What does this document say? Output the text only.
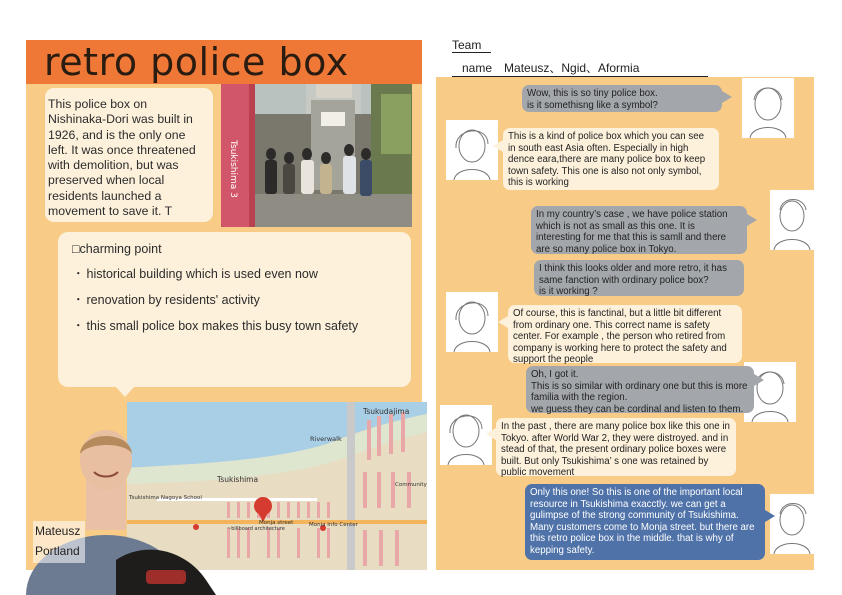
retro police box
This police box on Nishinaka-Dori was built in 1926, and is the only one left. It was once threatened with demolition, but was preserved when local residents launched a movement to save it. T
Tsukishima 3
□charming point
・ historical building which is used even now
・ renovation by residents' activity
・ this small police box makes this busy town safety
Tsukudajima
Riverwalk
Tsukishima
Tsukishima Nagoya School
Monja street
~billboard architecture
Monja Info Center
Community
Mateusz
Portland
Team
name　Mateusz、Ngid、Aformia
Wow, this is so tiny police box.
is it somethisng like a symbol?
This is a kind of police box which you can see in south east Asia often. Especially in high dence eara,there are many police box to keep town safety. This one is also not only symbol, this is working
In my country’s case , we have police station which is not as small as this one. It is interesting for me that this is samll and there are so many police box in Tokyo.
I think this looks older and more retro, it has same fanction with ordinary police box?
is it working ?
Of course, this is fanctinal, but a little bit different from ordinary one. This correct name is safety center. For example , the person who retired from company is working here to protect the safety and support the people
Oh, I got it.
This is so similar with ordinary one but this is more familia with the region.
we guess they can be cordinal and listen to them.
In the past , there are many police box like this one in Tokyo. after World War 2, they were distroyed. and in stead of that, the present ordinary police boxes were built. But only Tsukishima’ s one was retained by public movement
Only this one! So this is one of the important local resource in Tsukishima exacctly. we can get a gulimpse of the strong community of Tsukishima. Many customers come to Monja street. but there are this retro police box in the middle. that is why of kepping safety.
